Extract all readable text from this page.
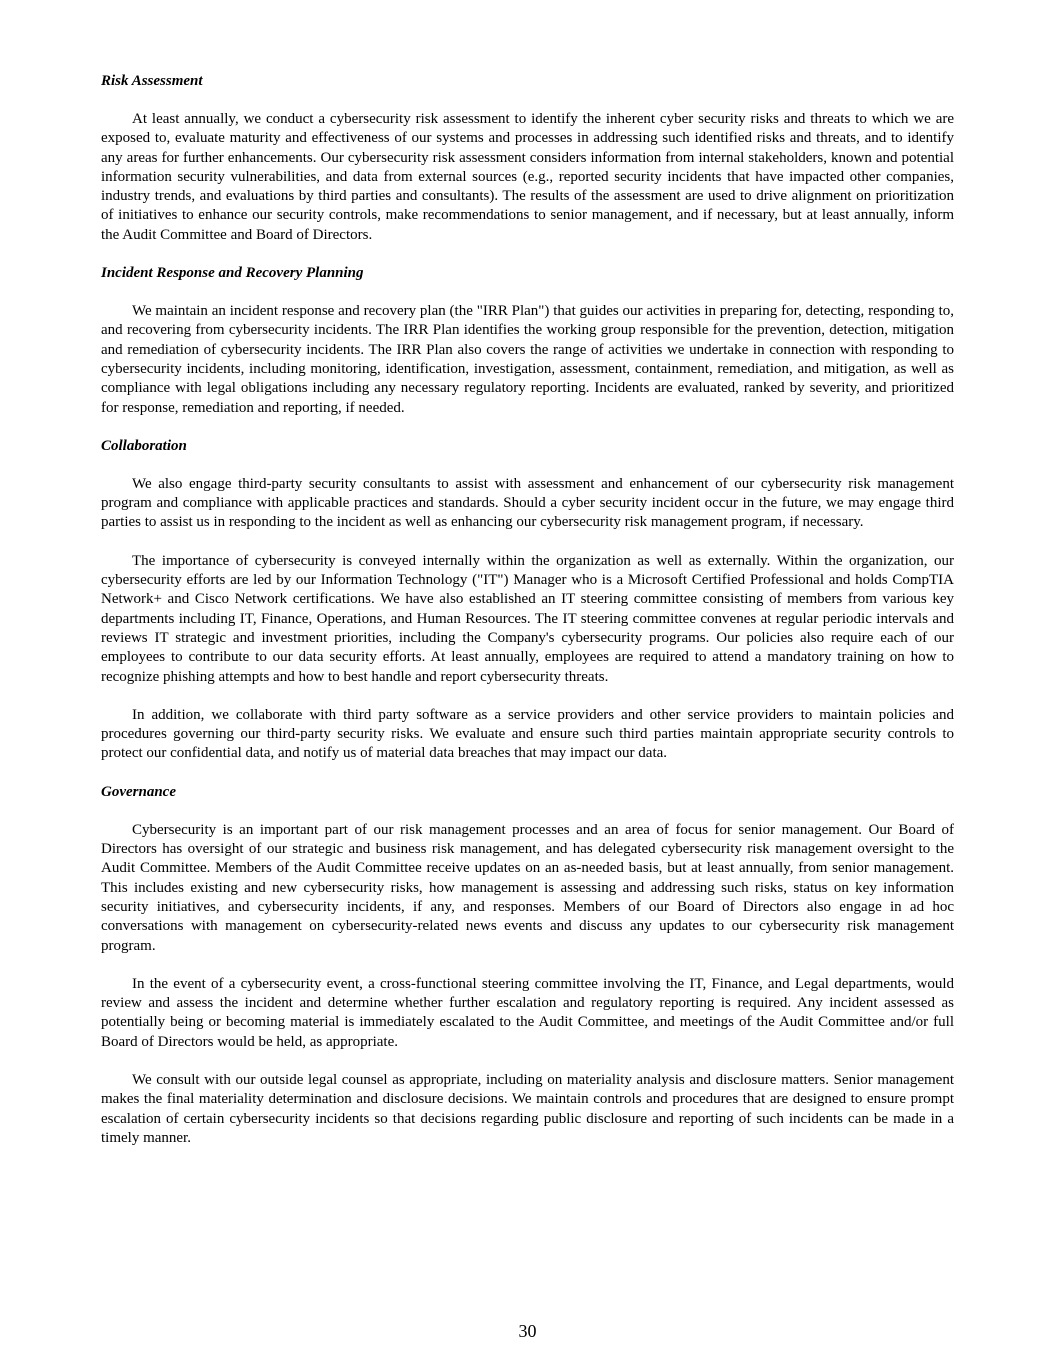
Risk Assessment

At least annually, we conduct a cybersecurity risk assessment to identify the inherent cyber security risks and threats to which we are exposed to, evaluate maturity and effectiveness of our systems and processes in addressing such identified risks and threats, and to identify any areas for further enhancements. Our cybersecurity risk assessment considers information from internal stakeholders, known and potential information security vulnerabilities, and data from external sources (e.g., reported security incidents that have impacted other companies, industry trends, and evaluations by third parties and consultants). The results of the assessment are used to drive alignment on prioritization of initiatives to enhance our security controls, make recommendations to senior management, and if necessary, but at least annually, inform the Audit Committee and Board of Directors.

Incident Response and Recovery Planning

We maintain an incident response and recovery plan (the "IRR Plan") that guides our activities in preparing for, detecting, responding to, and recovering from cybersecurity incidents. The IRR Plan identifies the working group responsible for the prevention, detection, mitigation and remediation of cybersecurity incidents. The IRR Plan also covers the range of activities we undertake in connection with responding to cybersecurity incidents, including monitoring, identification, investigation, assessment, containment, remediation, and mitigation, as well as compliance with legal obligations including any necessary regulatory reporting. Incidents are evaluated, ranked by severity, and prioritized for response, remediation and reporting, if needed.

Collaboration

We also engage third-party security consultants to assist with assessment and enhancement of our cybersecurity risk management program and compliance with applicable practices and standards. Should a cyber security incident occur in the future, we may engage third parties to assist us in responding to the incident as well as enhancing our cybersecurity risk management program, if necessary.

The importance of cybersecurity is conveyed internally within the organization as well as externally. Within the organization, our cybersecurity efforts are led by our Information Technology ("IT") Manager who is a Microsoft Certified Professional and holds CompTIA Network+ and Cisco Network certifications. We have also established an IT steering committee consisting of members from various key departments including IT, Finance, Operations, and Human Resources. The IT steering committee convenes at regular periodic intervals and reviews IT strategic and investment priorities, including the Company's cybersecurity programs. Our policies also require each of our employees to contribute to our data security efforts. At least annually, employees are required to attend a mandatory training on how to recognize phishing attempts and how to best handle and report cybersecurity threats.

In addition, we collaborate with third party software as a service providers and other service providers to maintain policies and procedures governing our third-party security risks. We evaluate and ensure such third parties maintain appropriate security controls to protect our confidential data, and notify us of material data breaches that may impact our data.

Governance

Cybersecurity is an important part of our risk management processes and an area of focus for senior management. Our Board of Directors has oversight of our strategic and business risk management, and has delegated cybersecurity risk management oversight to the Audit Committee. Members of the Audit Committee receive updates on an as-needed basis, but at least annually, from senior management. This includes existing and new cybersecurity risks, how management is assessing and addressing such risks, status on key information security initiatives, and cybersecurity incidents, if any, and responses. Members of our Board of Directors also engage in ad hoc conversations with management on cybersecurity-related news events and discuss any updates to our cybersecurity risk management program.

In the event of a cybersecurity event, a cross-functional steering committee involving the IT, Finance, and Legal departments, would review and assess the incident and determine whether further escalation and regulatory reporting is required. Any incident assessed as potentially being or becoming material is immediately escalated to the Audit Committee, and meetings of the Audit Committee and/or full Board of Directors would be held, as appropriate.

We consult with our outside legal counsel as appropriate, including on materiality analysis and disclosure matters. Senior management makes the final materiality determination and disclosure decisions. We maintain controls and procedures that are designed to ensure prompt escalation of certain cybersecurity incidents so that decisions regarding public disclosure and reporting of such incidents can be made in a timely manner.

30
